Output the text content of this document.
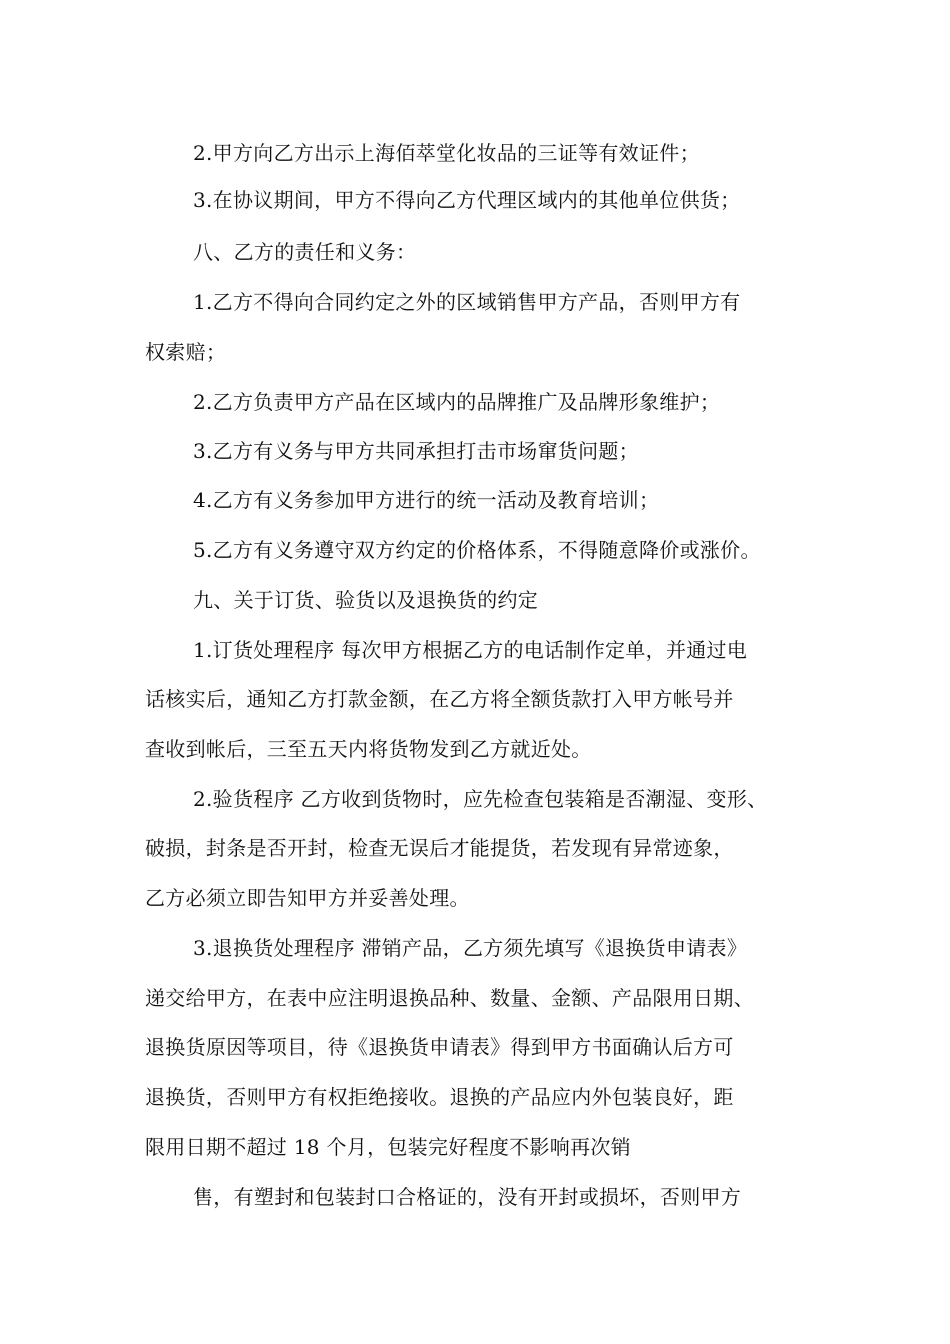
2.甲方向乙方出示上海佰萃堂化妆品的三证等有效证件；
3.在协议期间，甲方不得向乙方代理区域内的其他单位供货；
八、乙方的责任和义务：
1.乙方不得向合同约定之外的区域销售甲方产品，否则甲方有
权索赔；
2.乙方负责甲方产品在区域内的品牌推广及品牌形象维护；
3.乙方有义务与甲方共同承担打击市场窜货问题；
4.乙方有义务参加甲方进行的统一活动及教育培训；
5.乙方有义务遵守双方约定的价格体系，不得随意降价或涨价。
九、关于订货、验货以及退换货的约定
1.订货处理程序 每次甲方根据乙方的电话制作定单，并通过电
话核实后，通知乙方打款金额，在乙方将全额货款打入甲方帐号并
查收到帐后，三至五天内将货物发到乙方就近处。
2.验货程序 乙方收到货物时，应先检查包装箱是否潮湿、变形、
破损，封条是否开封，检查无误后才能提货，若发现有异常迹象，
乙方必须立即告知甲方并妥善处理。
3.退换货处理程序 滞销产品，乙方须先填写《退换货申请表》
递交给甲方，在表中应注明退换品种、数量、金额、产品限用日期、
退换货原因等项目，待《退换货申请表》得到甲方书面确认后方可
退换货，否则甲方有权拒绝接收。退换的产品应内外包装良好，距
限用日期不超过 18 个月，包装完好程度不影响再次销
售，有塑封和包装封口合格证的，没有开封或损坏，否则甲方
